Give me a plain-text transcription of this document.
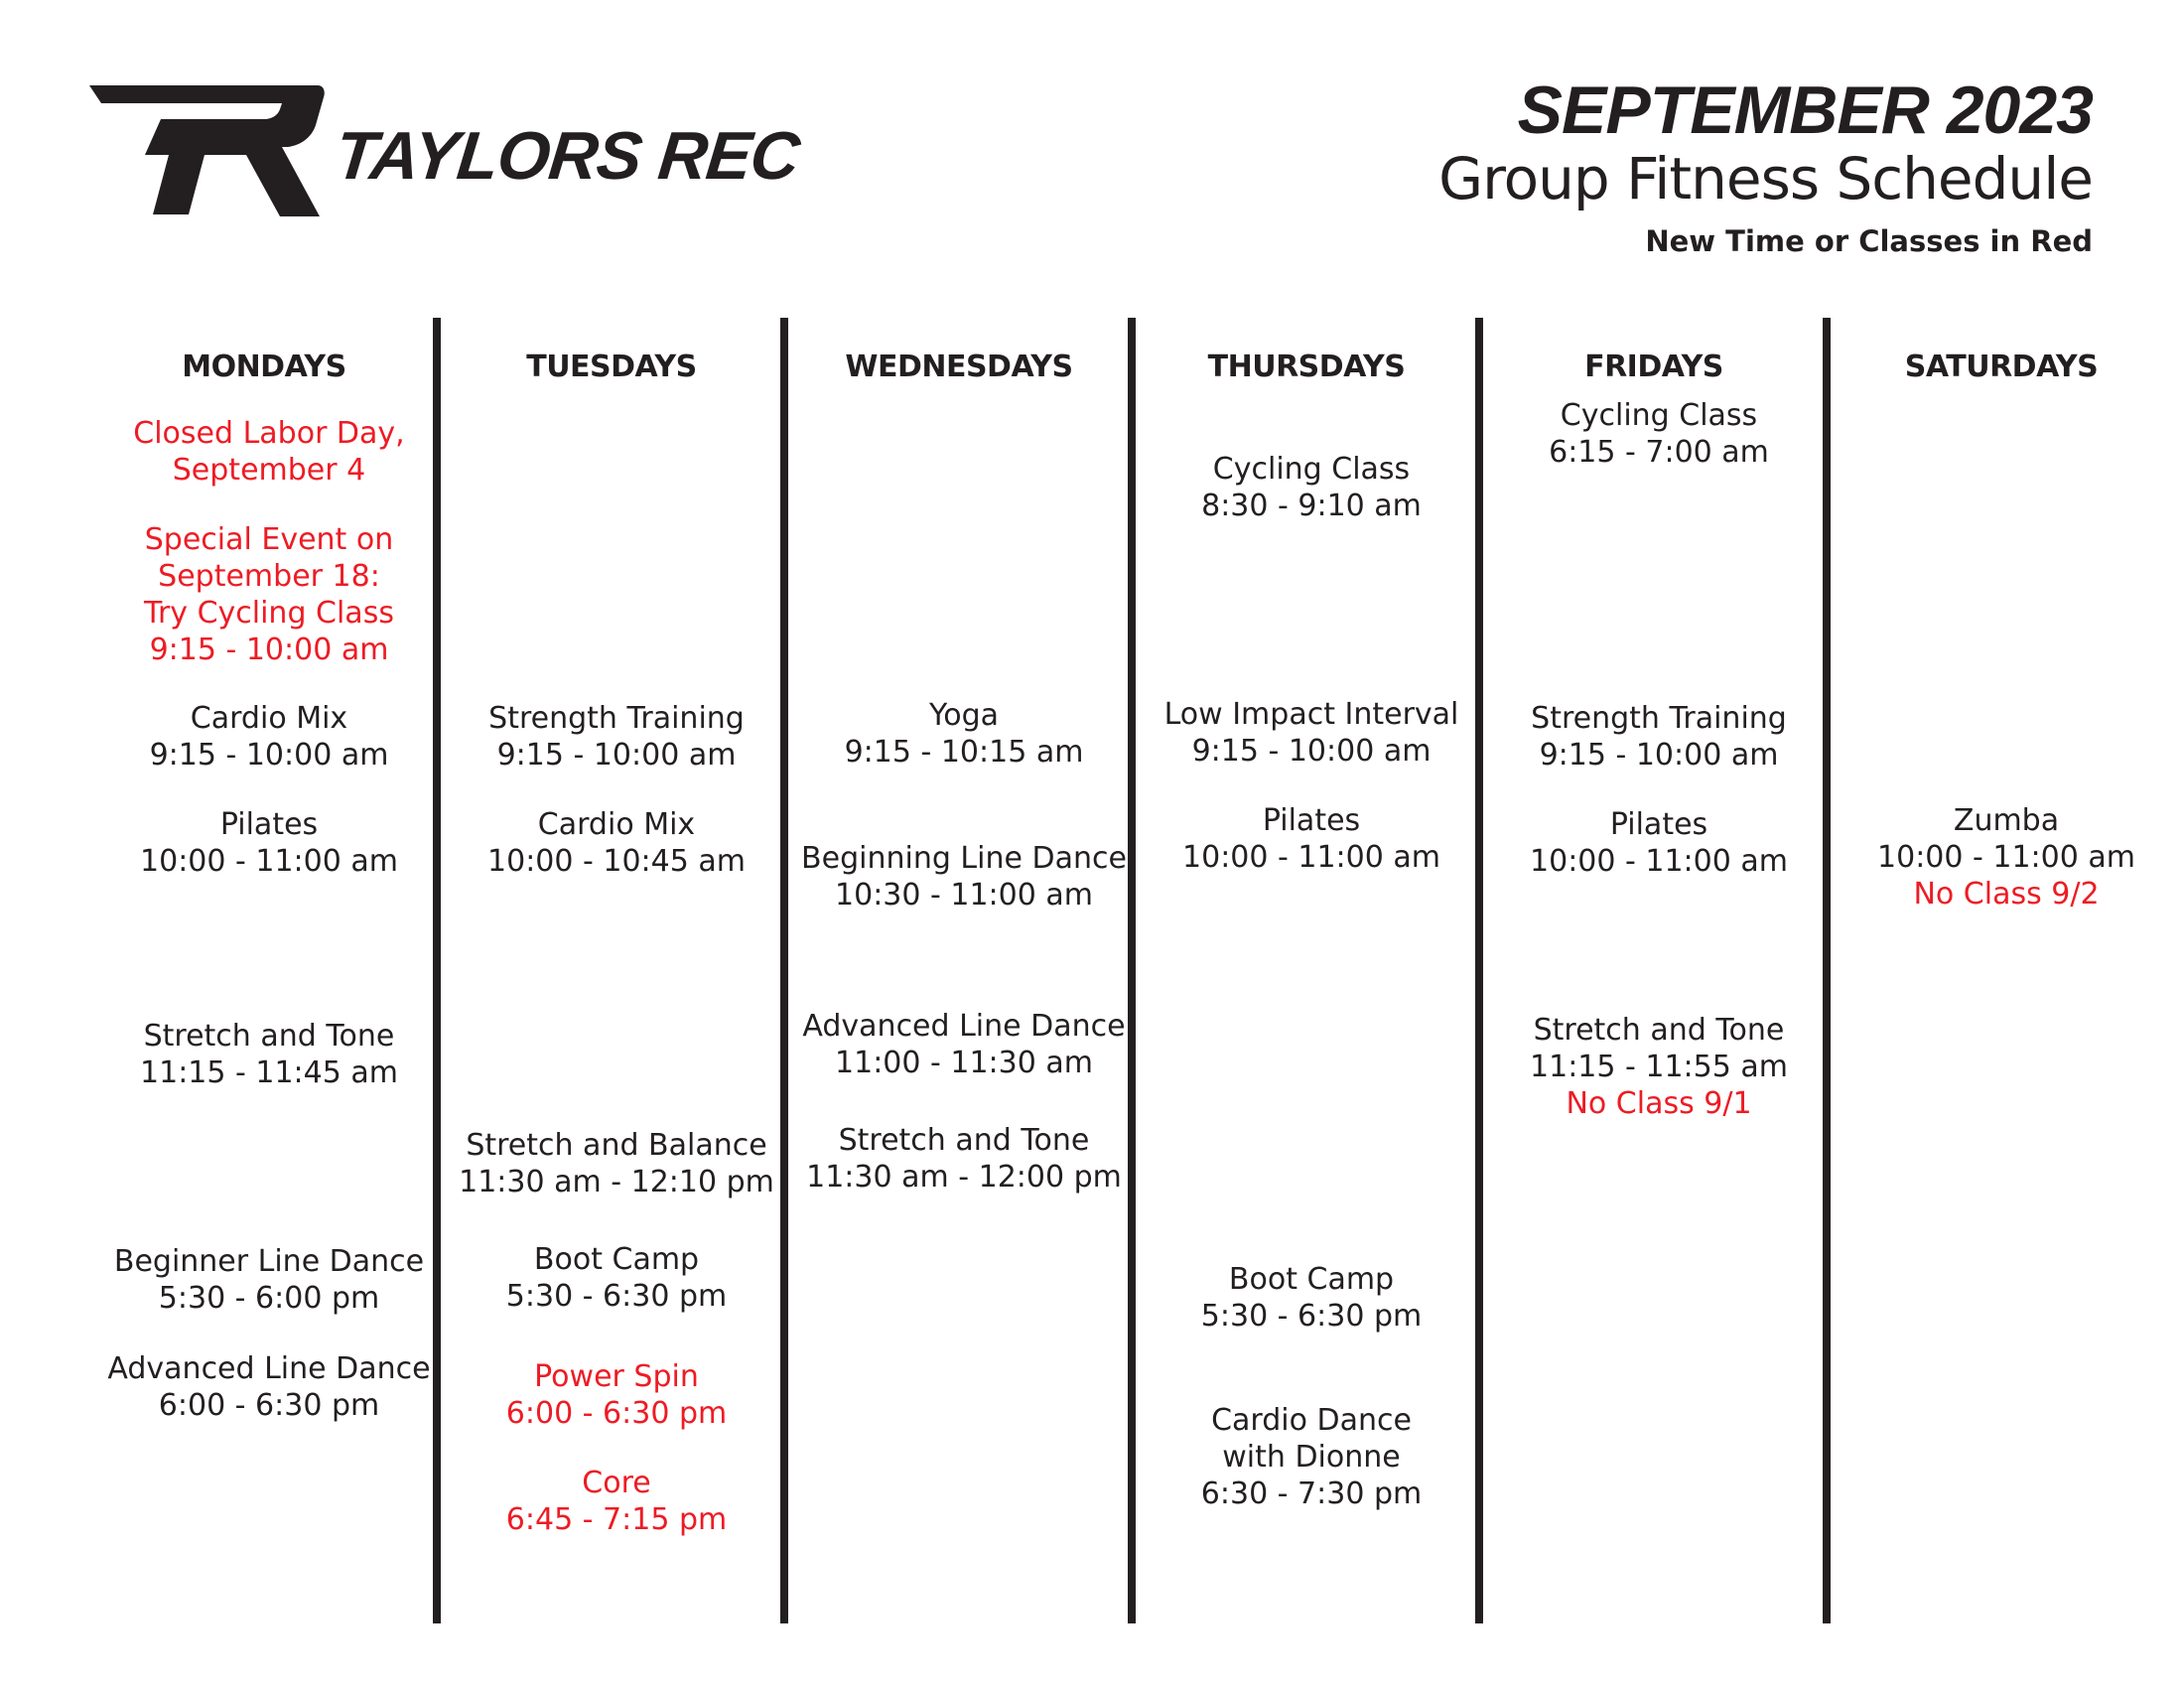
TAYLORS REC
SEPTEMBER 2023
Group Fitness Schedule
New Time or Classes in Red
MONDAYS
Closed Labor Day,
September 4
Special Event on
September 18:
Try Cycling Class
9:15 - 10:00 am
Cardio Mix
9:15 - 10:00 am
Pilates
10:00 - 11:00 am
Stretch and Tone
11:15 - 11:45 am
Beginner Line Dance
5:30 - 6:00 pm
Advanced Line Dance
6:00 - 6:30 pm
TUESDAYS
Strength Training
9:15 - 10:00 am
Cardio Mix
10:00 - 10:45 am
Stretch and Balance
11:30 am - 12:10 pm
Boot Camp
5:30 - 6:30 pm
Power Spin
6:00 - 6:30 pm
Core
6:45 - 7:15 pm
WEDNESDAYS
Yoga
9:15 - 10:15 am
Beginning Line Dance
10:30 - 11:00 am
Advanced Line Dance
11:00 - 11:30 am
Stretch and Tone
11:30 am - 12:00 pm
THURSDAYS
Cycling Class
8:30 - 9:10 am
Low Impact Interval
9:15 - 10:00 am
Pilates
10:00 - 11:00 am
Boot Camp
5:30 - 6:30 pm
Cardio Dance
with Dionne
6:30 - 7:30 pm
FRIDAYS
Cycling Class
6:15 - 7:00 am
Strength Training
9:15 - 10:00 am
Pilates
10:00 - 11:00 am
Stretch and Tone
11:15 - 11:55 am
No Class 9/1
SATURDAYS
Zumba
10:00 - 11:00 am
No Class 9/2
